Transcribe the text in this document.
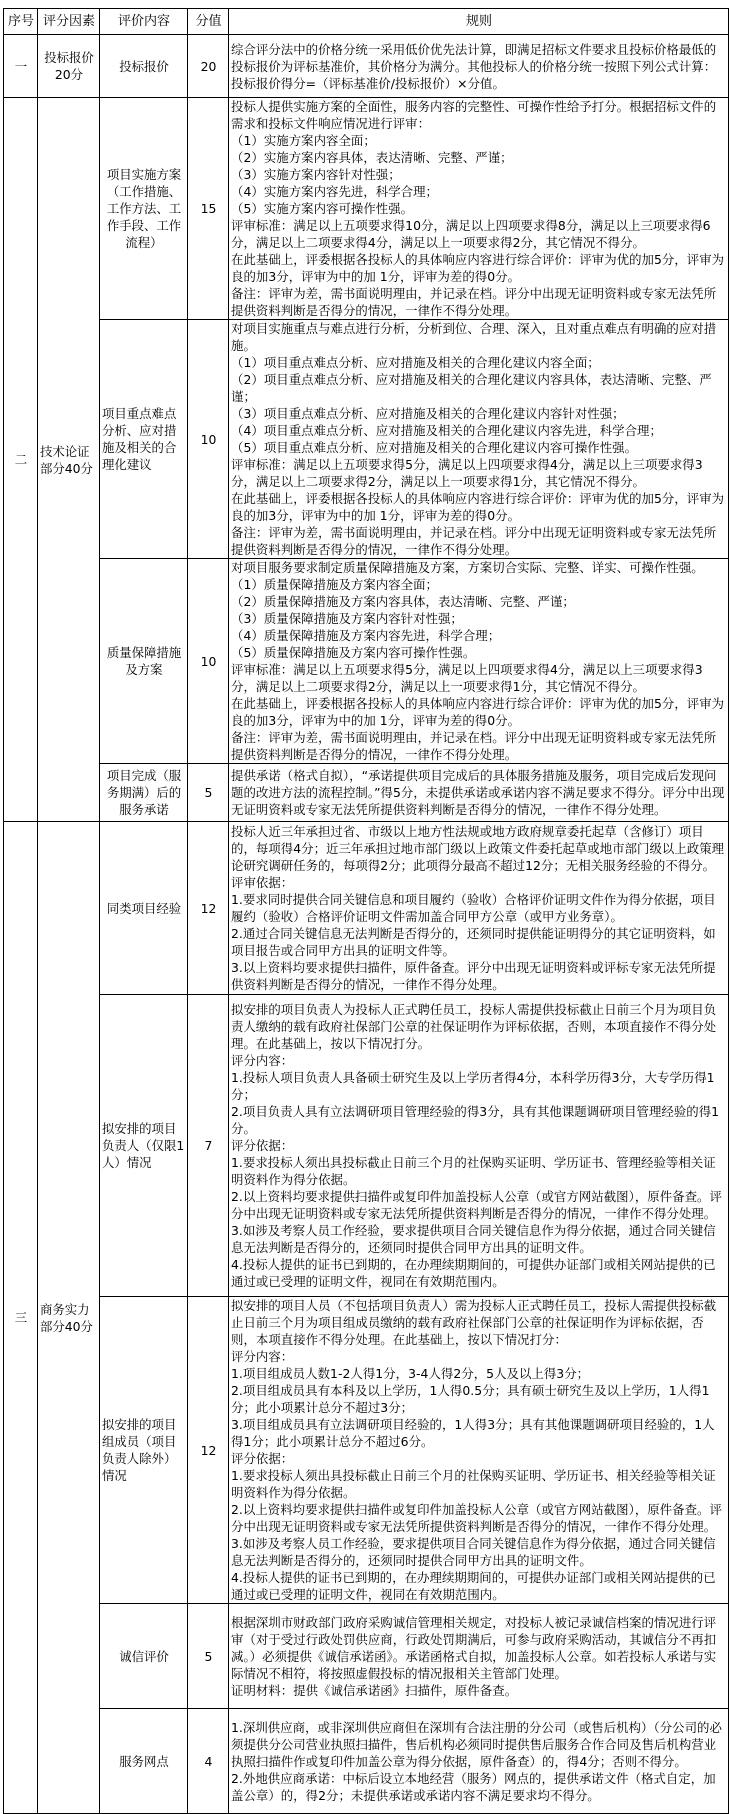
序号	评分因素	评价内容	分值	规则
一	投标报价20分	投标报价	20	综合评分法中的价格分统一采用低价优先法计算，即满足招标文件要求且投标价格最低的投标报价为评标基准价，其价格分为满分。其他投标人的价格分统一按照下列公式计算：
投标报价得分=（评标基准价/投标报价）×分值。

二	技术论证部分40分	项目实施方案（工作措施、工作方法、工作手段、工作流程）	15	
投标人提供实施方案的全面性，服务内容的完整性、可操作性给予打分。根据招标文件的需求和投标文件响应情况进行评审：
（1）实施方案内容全面；
（2）实施方案内容具体，表达清晰、完整、严谨；
（3）实施方案内容针对性强；
（4）实施方案内容先进，科学合理；
（5）实施方案内容可操作性强。
评审标准：满足以上五项要求得10分，满足以上四项要求得8分，满足以上三项要求得6分，满足以上二项要求得4分，满足以上一项要求得2分，其它情况不得分。
在此基础上，评委根据各投标人的具体响应内容进行综合评价：评审为优的加5分，评审为良的加3分，评审为中的加 1分，评审为差的得0分。
备注：评审为差，需书面说明理由，并记录在档。评分中出现无证明资料或专家无法凭所提供资料判断是否得分的情况，一律作不得分处理。

项目重点难点分析、应对措施及相关的合理化建议	10	
对项目实施重点与难点进行分析，分析到位、合理、深入，且对重点难点有明确的应对措施。
（1）项目重点难点分析、应对措施及相关的合理化建议内容全面；
（2）项目重点难点分析、应对措施及相关的合理化建议内容具体，表达清晰、完整、严谨；
（3）项目重点难点分析、应对措施及相关的合理化建议内容针对性强；
（4）项目重点难点分析、应对措施及相关的合理化建议内容先进，科学合理；
（5）项目重点难点分析、应对措施及相关的合理化建议内容可操作性强。
评审标准：满足以上五项要求得5分，满足以上四项要求得4分，满足以上三项要求得3分，满足以上二项要求得2分，满足以上一项要求得1分，其它情况不得分。
在此基础上，评委根据各投标人的具体响应内容进行综合评价：评审为优的加5分，评审为良的加3分，评审为中的加 1分，评审为差的得0分。
备注：评审为差，需书面说明理由，并记录在档。评分中出现无证明资料或专家无法凭所提供资料判断是否得分的情况，一律作不得分处理。

质量保障措施及方案	10	
对项目服务要求制定质量保障措施及方案，方案切合实际、完整、详实、可操作性强。
（1）质量保障措施及方案内容全面；
（2）质量保障措施及方案内容具体，表达清晰、完整、严谨；
（3）质量保障措施及方案内容针对性强；
（4）质量保障措施及方案内容先进，科学合理；
（5）质量保障措施及方案内容可操作性强。
评审标准：满足以上五项要求得5分，满足以上四项要求得4分，满足以上三项要求得3分，满足以上二项要求得2分，满足以上一项要求得1分，其它情况不得分。
在此基础上，评委根据各投标人的具体响应内容进行综合评价：评审为优的加5分，评审为良的加3分，评审为中的加 1分，评审为差的得0分。
备注：评审为差，需书面说明理由，并记录在档。评分中出现无证明资料或专家无法凭所提供资料判断是否得分的情况，一律作不得分处理。

		项目完成（服务期满）后的服务承诺	5	提供承诺（格式自拟），“承诺提供项目完成后的具体服务措施及服务，项目完成后发现问题的改进方法的流程控制。”得5分，未提供承诺或承诺内容不满足要求不得分。评分中出现无证明资料或专家无法凭所提供资料判断是否得分的情况，一律作不得分处理。

三	商务实力部分40分	同类项目经验	12	投标人近三年承担过省、市级以上地方性法规或地方政府规章委托起草（含修订）项目的，每项得4分；近三年承担过地市部门级以上政策文件委托起草或地市部门级以上政策理论研究调研任务的，每项得2分；此项得分最高不超过12分；无相关服务经验的不得分。
评审依据：
1.要求同时提供合同关键信息和项目履约（验收）合格评价证明文件作为得分依据，项目履约（验收）合格评价证明文件需加盖合同甲方公章（或甲方业务章）。
2.通过合同关键信息无法判断是否得分的，还须同时提供能证明得分的其它证明资料，如项目报告或合同甲方出具的证明文件等。
3.以上资料均要求提供扫描件，原件备查。评分中出现无证明资料或评标专家无法凭所提供资料判断是否得分的情况，一律作不得分处理。

拟安排的项目负责人（仅限1人）情况	7	
拟安排的项目负责人为投标人正式聘任员工，投标人需提供投标截止日前三个月为项目负责人缴纳的载有政府社保部门公章的社保证明作为评标依据，否则，本项直接作不得分处理。在此基础上，按以下情况打分。
评分内容：
1.投标人项目负责人具备硕士研究生及以上学历者得4分，本科学历得3分，大专学历得1分；
2.项目负责人具有立法调研项目管理经验的得3分，具有其他课题调研项目管理经验的得1分。
评分依据：
1.要求投标人须出具投标截止日前三个月的社保购买证明、学历证书、管理经验等相关证明资料作为得分依据。
2.以上资料均要求提供扫描件或复印件加盖投标人公章（或官方网站截图），原件备查。评分中出现无证明资料或专家无法凭所提供资料判断是否得分的情况，一律作不得分处理。
3.如涉及考察人员工作经验，要求提供项目合同关键信息作为得分依据，通过合同关键信息无法判断是否得分的，还须同时提供合同甲方出具的证明文件。
4.投标人提供的证书已到期的，在办理续期期间的，可提供办证部门或相关网站提供的已通过或已受理的证明文件，视同在有效期范围内。

拟安排的项目组成员（项目负责人除外）情况	12	
拟安排的项目人员（不包括项目负责人）需为投标人正式聘任员工，投标人需提供投标截止日前三个月为项目组成员缴纳的载有政府社保部门公章的社保证明作为评标依据，否则，本项直接作不得分处理。在此基础上，按以下情况打分：
评分内容：
1.项目组成员人数1-2人得1分，3-4人得2分，5人及以上得3分；
2.项目组成员具有本科及以上学历，1人得0.5分；具有硕士研究生及以上学历，1人得1分；此小项累计总分不超过3分；
3.项目组成员具有立法调研项目经验的，1人得3分；具有其他课题调研项目经验的，1人得1分；此小项累计总分不超过6分。
评分依据：
1.要求投标人须出具投标截止日前三个月的社保购买证明、学历证书、相关经验等相关证明资料作为得分依据。
2.以上资料均要求提供扫描件或复印件加盖投标人公章（或官方网站截图），原件备查。评分中出现无证明资料或专家无法凭所提供资料判断是否得分的情况，一律作不得分处理。
3.如涉及考察人员工作经验，要求提供项目合同关键信息作为得分依据，通过合同关键信息无法判断是否得分的，还须同时提供合同甲方出具的证明文件。
4.投标人提供的证书已到期的，在办理续期期间的，可提供办证部门或相关网站提供的已通过或已受理的证明文件，视同在有效期范围内。

		诚信评价	5	根据深圳市财政部门政府采购诚信管理相关规定，对投标人被记录诚信档案的情况进行评审（对于受过行政处罚供应商，行政处罚期满后，可参与政府采购活动，其诚信分不再扣减。）必须提供《诚信承诺函》。承诺函格式自拟，加盖投标人公章。如若投标人承诺与实际情况不相符，将按照虚假投标的情况报相关主管部门处理。
证明材料：提供《诚信承诺函》扫描件，原件备查。

		服务网点	4	1.深圳供应商，或非深圳供应商但在深圳有合法注册的分公司（或售后机构）（分公司的必须提供分公司营业执照扫描件，售后机构必须同时提供售后服务合作合同及售后机构营业执照扫描件作或复印件加盖公章为得分依据，原件备查）的，得4分；否则不得分。
2.外地供应商承诺：中标后设立本地经营（服务）网点的，提供承诺文件（格式自定，加盖公章）的，得2分；未提供承诺或承诺内容不满足要求均不得分。
